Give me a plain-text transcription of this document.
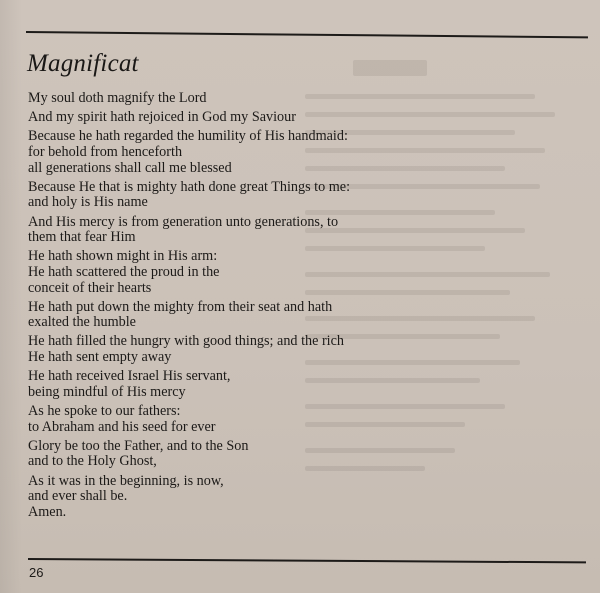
Magnificat
My soul doth magnify the Lord
And my spirit hath rejoiced in God my Saviour
Because he hath regarded the humility of His handmaid:
for behold from henceforth
all generations shall call me blessed
Because He that is mighty hath done great Things to me:
and holy is His name
And His mercy is from generation unto generations, to
them that fear Him
He hath shown might in His arm:
He hath scattered the proud in the
conceit of their hearts
He hath put down the mighty from their seat and hath
exalted the humble
He hath filled the hungry with good things; and the rich
He hath sent empty away
He hath received Israel His servant,
being mindful of His mercy
As he spoke to our fathers:
to Abraham and his seed for ever
Glory be too the Father, and to the Son
and to the Holy Ghost,
As it was in the beginning, is now,
and ever shall be.
Amen.
26
